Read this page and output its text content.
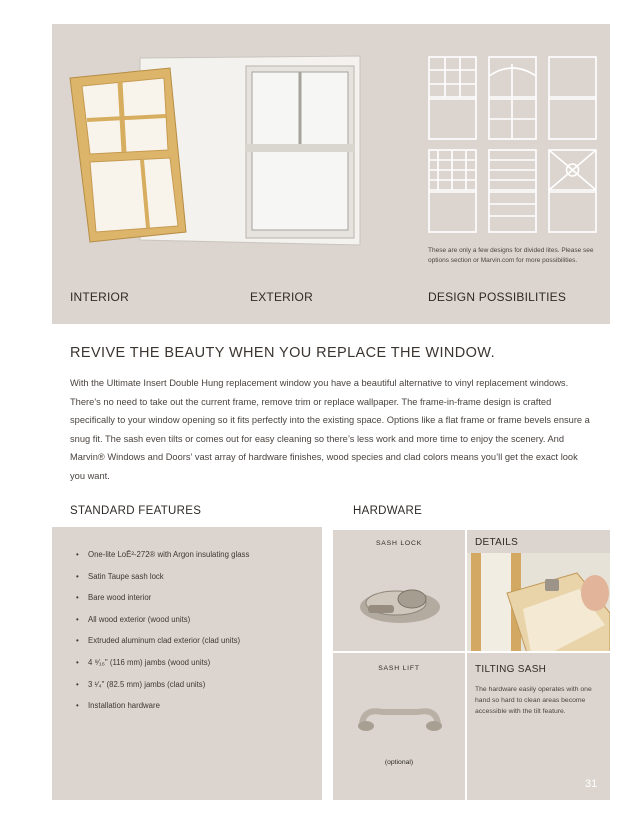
These are only a few designs for divided lites. Please see options section or Marvin.com for more possibilities.
INTERIOR	EXTERIOR	DESIGN POSSIBILITIES
REVIVE THE BEAUTY WHEN YOU REPLACE THE WINDOW.
With the Ultimate Insert Double Hung replacement window you have a beautiful alternative to vinyl replacement windows. There’s no need to take out the current frame, remove trim or replace wallpaper. The frame-in-frame design is crafted specifically to your window opening so it fits perfectly into the existing space. Options like a flat frame or frame bevels ensure a snug fit. The sash even tilts or comes out for easy cleaning so there’s less work and more time to enjoy the scenery. And Marvin® Windows and Doors’ vast array of hardware finishes, wood species and clad colors means you’ll get the exact look you want.
STANDARD FEATURES	HARDWARE
• One-lite LoĒ²-272® with Argon insulating glass
• Satin Taupe sash lock
• Bare wood interior
• All wood exterior (wood units)
• Extruded aluminum clad exterior (clad units)
• 4 ⁹⁄₁₆" (116 mm) jambs (wood units)
• 3 ¹⁄₄" (82.5 mm) jambs (clad units)
• Installation hardware
SASH LOCK
SASH LIFT
(optional)
DETAILS
TILTING SASH
The hardware easily operates with one hand so hard to clean areas become accessible with the tilt feature.
31
